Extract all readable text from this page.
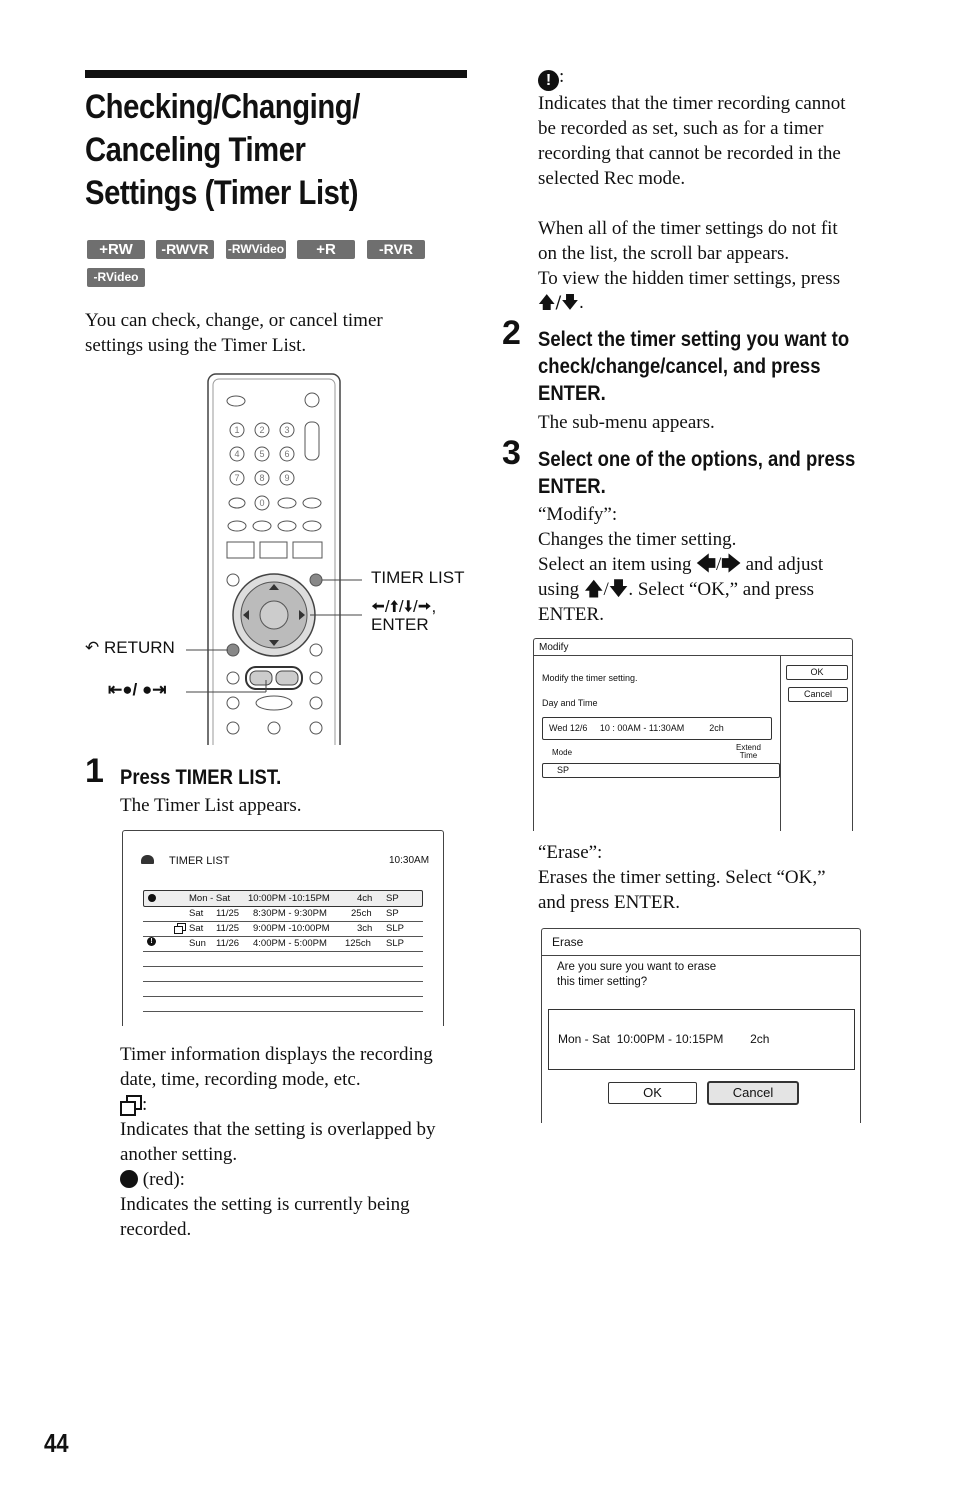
Checking/Changing/
Canceling Timer
Settings (Timer List)
+RW	-RWVR	-RWVideo	+R	-RVR
-RVideo
You can check, change, or cancel timer
settings using the Timer List.
1 2 3
4 5 6
7 8 9
0
TIMER LIST
🠨/🠩/🠫/🠪,
ENTER
↶ RETURN
⇤●/ ●⇥
1 Press TIMER LIST.
The Timer List appears.
TIMER LIST	10:30AM
Mon - Sat 10:00PM -10:15PM	4ch SP
Sat 11/25 8:30PM - 9:30PM	25ch SP
Sat 11/25 9:00PM -10:00PM	3ch SLP
!	Sun 11/26 4:00PM - 5:00PM 125ch SLP
Timer information displays the recording
date, time, recording mode, etc.
:
Indicates that the setting is overlapped by
another setting.
(red):
Indicates the setting is currently being
recorded.
! :
Indicates that the timer recording cannot
be recorded as set, such as for a timer
recording that cannot be recorded in the
selected Rec mode.
When all of the timer settings do not fit
on the list, the scroll bar appears.
To view the hidden timer settings, press
🡅/🡇.
2 Select the timer setting you want to
check/change/cancel, and press
ENTER.
The sub-menu appears.
3 Select one of the options, and press
ENTER.
“Modify”:
Changes the timer setting.
Select an item using 🡄/🡆 and adjust
using 🡅/🡇. Select “OK,” and press
ENTER.
Modify
Modify the timer setting.
Day and Time
Wed 12/6     10 : 00AM - 11:30AM          2ch
Mode
Extend
Time
SP
OK
Cancel
“Erase”:
Erases the timer setting. Select “OK,”
and press ENTER.
Erase
Are you sure you want to erase
this timer setting?
Mon - Sat  10:00PM - 10:15PM        2ch
OK	Cancel
44
